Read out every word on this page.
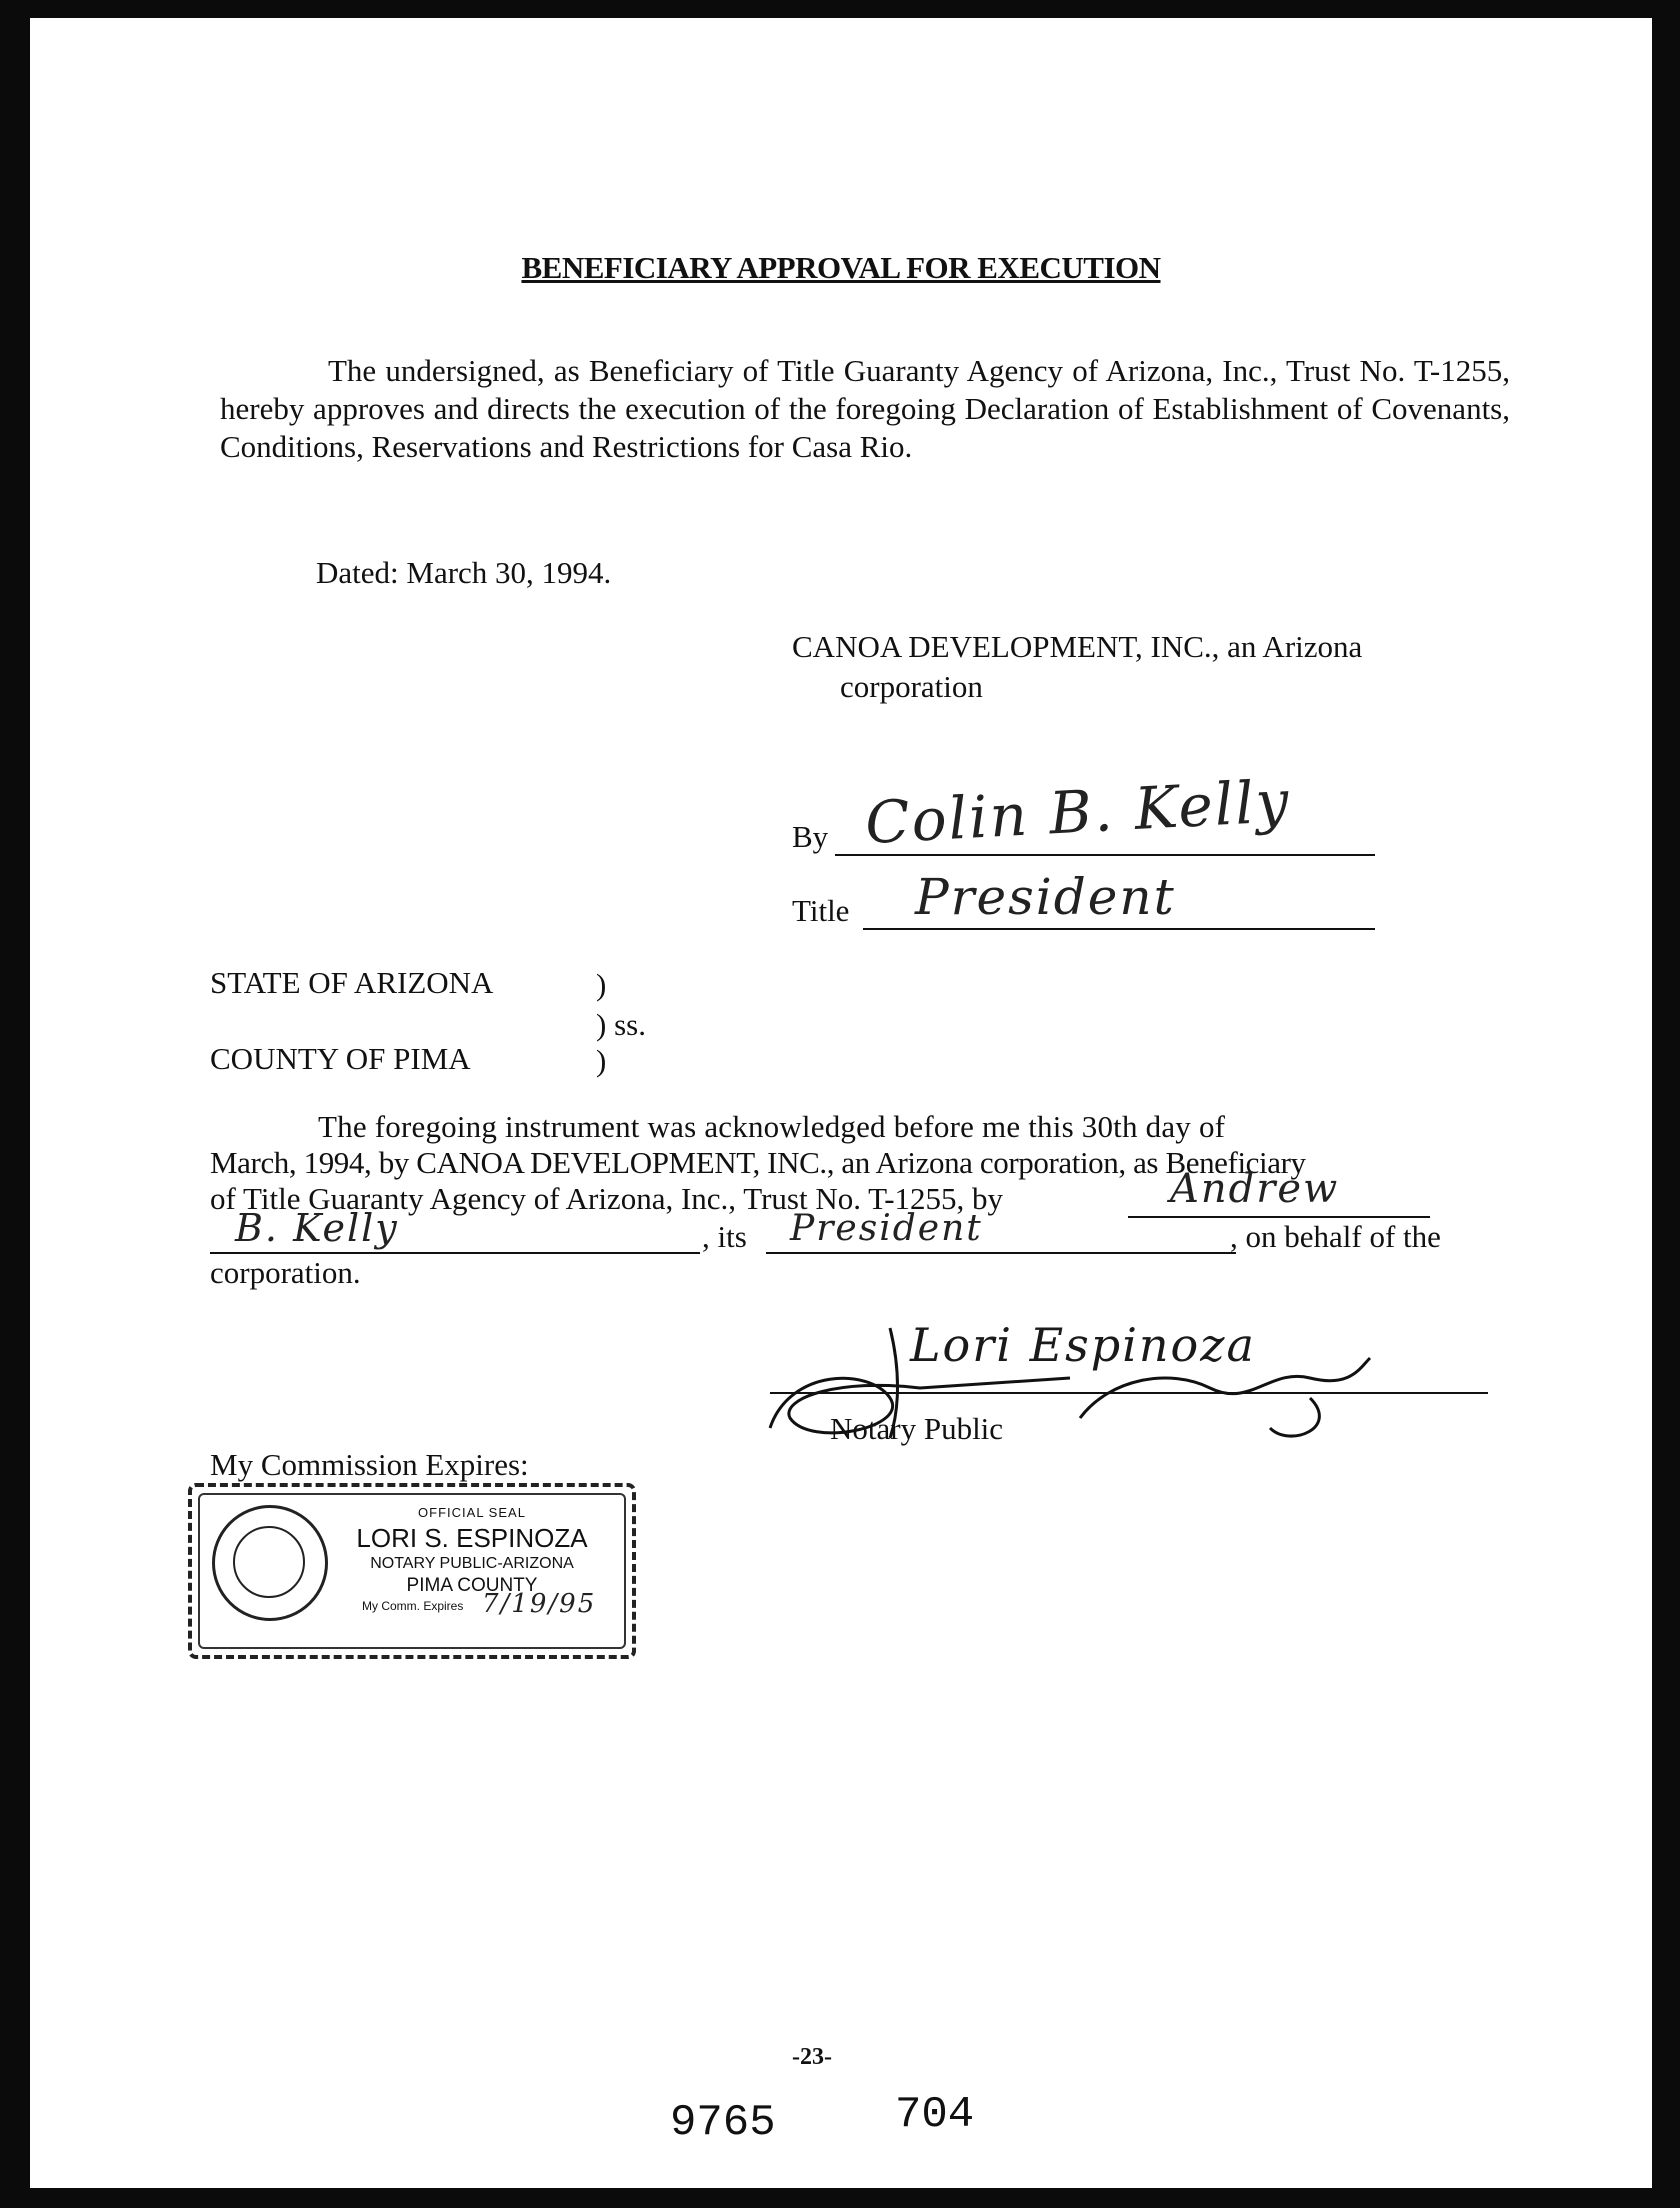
BENEFICIARY APPROVAL FOR EXECUTION
The undersigned, as Beneficiary of Title Guaranty Agency of Arizona, Inc., Trust No. T-1255, hereby approves and directs the execution of the foregoing Declaration of Establishment of Covenants, Conditions, Reservations and Restrictions for Casa Rio.
Dated: March 30, 1994.
CANOA DEVELOPMENT, INC., an Arizona
corporation
By Colin B. Kelly
Title President
STATE OF ARIZONA	)
) ss.
COUNTY OF PIMA	)
The foregoing instrument was acknowledged before me this 30th day of
March, 1994, by CANOA DEVELOPMENT, INC., an Arizona corporation, as Beneficiary
of Title Guaranty Agency of Arizona, Inc., Trust No. T-1255, by	Andrew
B. Kelly	, its President	, on behalf of the
corporation.
Lori Espinoza
Notary Public
My Commission Expires:
OFFICIAL SEAL
LORI S. ESPINOZA
NOTARY PUBLIC-ARIZONA
PIMA COUNTY
My Comm. Expires 7/19/95
-23-
9765	704
